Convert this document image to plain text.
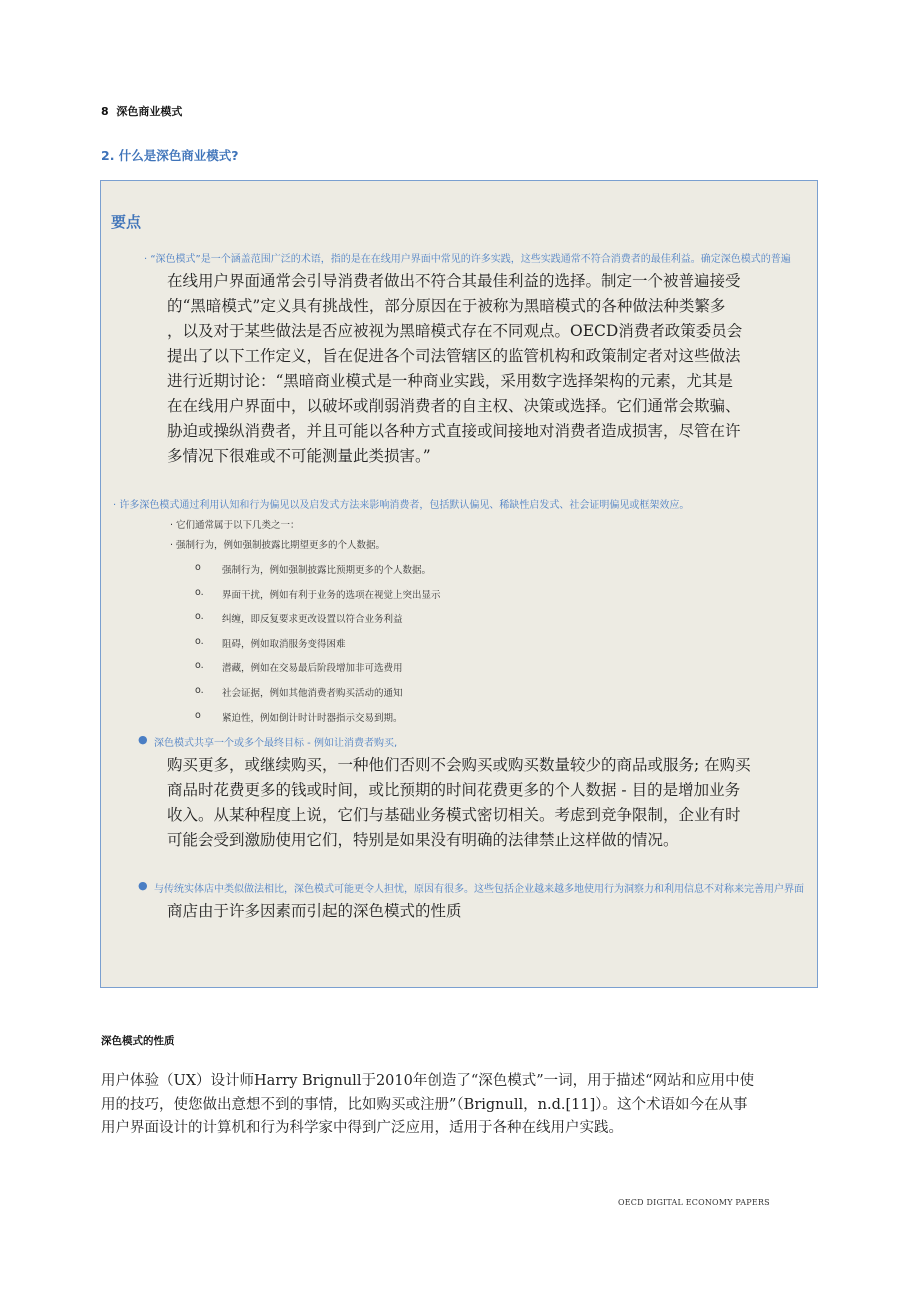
8 深色商业模式
2. 什么是深色商业模式?
要点
· “深色模式”是一个涵盖范围广泛的术语，指的是在在线用户界面中常见的许多实践，这些实践通常不符合消费者的最佳利益。确定深色模式的普遍
在线用户界面通常会引导消费者做出不符合其最佳利益的选择。制定一个被普遍接受
的“黑暗模式”定义具有挑战性，部分原因在于被称为黑暗模式的各种做法种类繁多
，以及对于某些做法是否应被视为黑暗模式存在不同观点。OECD消费者政策委员会
提出了以下工作定义，旨在促进各个司法管辖区的监管机构和政策制定者对这些做法
进行近期讨论：“黑暗商业模式是一种商业实践，采用数字选择架构的元素，尤其是
在在线用户界面中，以破坏或削弱消费者的自主权、决策或选择。它们通常会欺骗、
胁迫或操纵消费者，并且可能以各种方式直接或间接地对消费者造成损害，尽管在许
多情况下很难或不可能测量此类损害。”
· 许多深色模式通过利用认知和行为偏见以及启发式方法来影响消费者，包括默认偏见、稀缺性启发式、社会证明偏见或框架效应。
· 它们通常属于以下几类之一：
· 强制行为，例如强制披露比期望更多的个人数据。
o 强制行为，例如强制披露比预期更多的个人数据。
o. 界面干扰，例如有利于业务的选项在视觉上突出显示
o. 纠缠，即反复要求更改设置以符合业务利益
o. 阻碍，例如取消服务变得困难
o. 潜藏，例如在交易最后阶段增加非可选费用
o. 社会证据，例如其他消费者购买活动的通知
o 紧迫性，例如倒计时计时器指示交易到期。
● 深色模式共享一个或多个最终目标 - 例如让消费者购买,
购买更多，或继续购买，一种他们否则不会购买或购买数量较少的商品或服务; 在购买
商品时花费更多的钱或时间，或比预期的时间花费更多的个人数据 - 目的是增加业务
收入。从某种程度上说，它们与基础业务模式密切相关。考虑到竞争限制，企业有时
可能会受到激励使用它们，特别是如果没有明确的法律禁止这样做的情况。
● 与传统实体店中类似做法相比，深色模式可能更令人担忧，原因有很多。这些包括企业越来越多地使用行为洞察力和利用信息不对称来完善用户界面
商店由于许多因素而引起的深色模式的性质
深色模式的性质
用户体验（UX）设计师Harry Brignull于2010年创造了“深色模式”一词，用于描述“网站和应用中使
用的技巧，使您做出意想不到的事情，比如购买或注册”（Brignull，n.d.[11]）。这个术语如今在从事
用户界面设计的计算机和行为科学家中得到广泛应用，适用于各种在线用户实践。
OECD DIGITAL ECONOMY PAPERS
